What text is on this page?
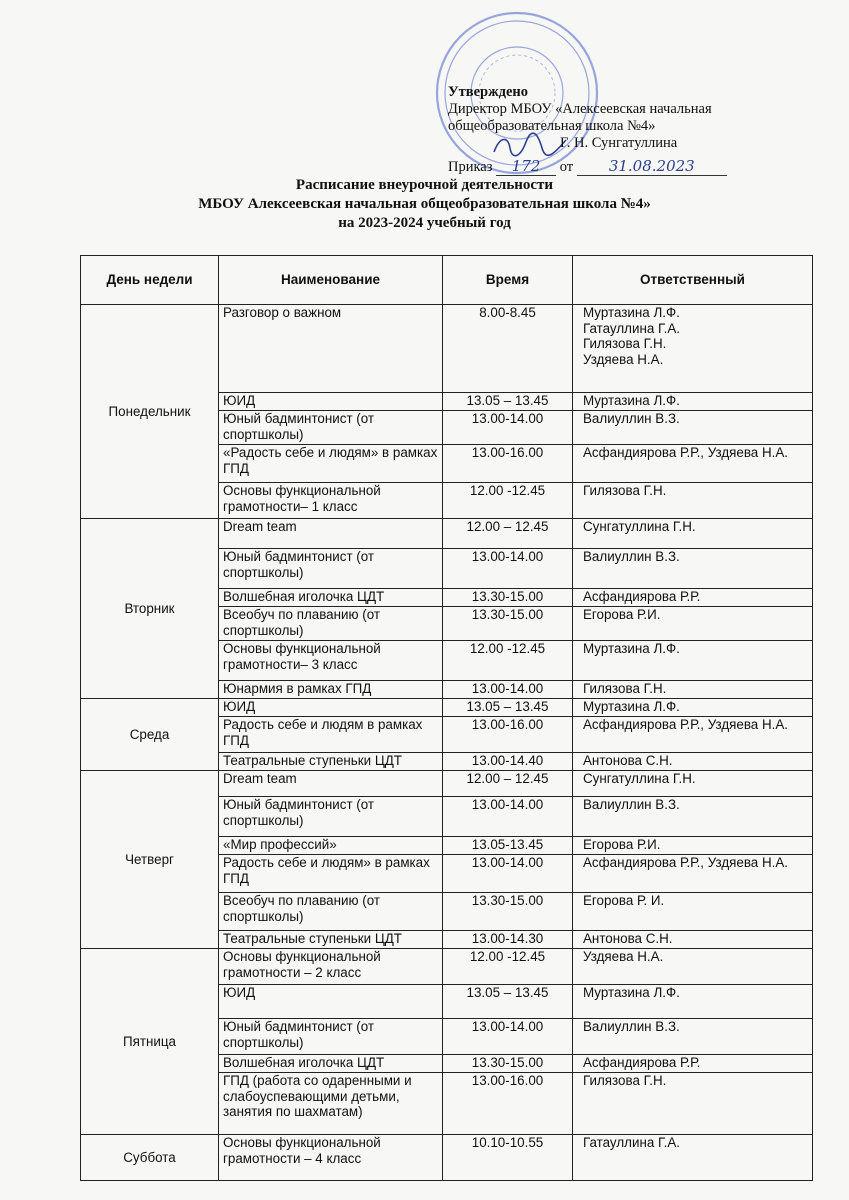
Утверждено
Директор МБОУ «Алексеевская начальная
общеобразовательная школа №4»
Г. Н. Сунгатуллина
Приказ 172 от 31.08.2023
Расписание внеурочной деятельности
МБОУ Алексеевская начальная общеобразовательная школа №4»
на 2023-2024 учебный год
День недели	Наименование	Время	Ответственный
Понедельник	Разговор о важном	8.00-8.45	Муртазина Л.Ф.
Гатауллина Г.А.
Гилязова Г.Н.
Уздяева Н.А.
	ЮИД	13.05 – 13.45	Муртазина Л.Ф.
	Юный бадминтонист (от спортшколы)	13.00-14.00	Валиуллин В.З.
	«Радость себе и людям» в рамках ГПД	13.00-16.00	Асфандиярова Р.Р., Уздяева Н.А.
	Основы функциональной грамотности– 1 класс	12.00 -12.45	Гилязова Г.Н.
Вторник	Dream team	12.00 – 12.45	Сунгатуллина Г.Н.
	Юный бадминтонист (от спортшколы)	13.00-14.00	Валиуллин В.З.
	Волшебная иголочка ЦДТ	13.30-15.00	Асфандиярова Р.Р.
	Всеобуч по плаванию (от спортшколы)	13.30-15.00	Егорова Р.И.
	Основы функциональной грамотности– 3 класс	12.00 -12.45	Муртазина Л.Ф.
	Юнармия в рамках ГПД	13.00-14.00	Гилязова Г.Н.
Среда	ЮИД	13.05 – 13.45	Муртазина Л.Ф.
	Радость себе и людям в рамках ГПД	13.00-16.00	Асфандиярова Р.Р., Уздяева Н.А.
	Театральные ступеньки ЦДТ	13.00-14.40	Антонова С.Н.
Четверг	Dream team	12.00 – 12.45	Сунгатуллина Г.Н.
	Юный бадминтонист (от спортшколы)	13.00-14.00	Валиуллин В.З.
	«Мир профессий»	13.05-13.45	Егорова Р.И.
	Радость себе и людям» в рамках ГПД	13.00-14.00	Асфандиярова Р.Р., Уздяева Н.А.
	Всеобуч по плаванию (от спортшколы)	13.30-15.00	Егорова Р. И.
	Театральные ступеньки ЦДТ	13.00-14.30	Антонова С.Н.
Пятница	Основы функциональной грамотности – 2 класс	12.00 -12.45	Уздяева Н.А.
	ЮИД	13.05 – 13.45	Муртазина Л.Ф.
	Юный бадминтонист (от спортшколы)	13.00-14.00	Валиуллин В.З.
	Волшебная иголочка ЦДТ	13.30-15.00	Асфандиярова Р.Р.
	ГПД (работа со одаренными и слабоуспевающими детьми, занятия по шахматам)	13.00-16.00	Гилязова Г.Н.
Суббота	Основы функциональной грамотности – 4 класс	10.10-10.55	Гатауллина Г.А.
